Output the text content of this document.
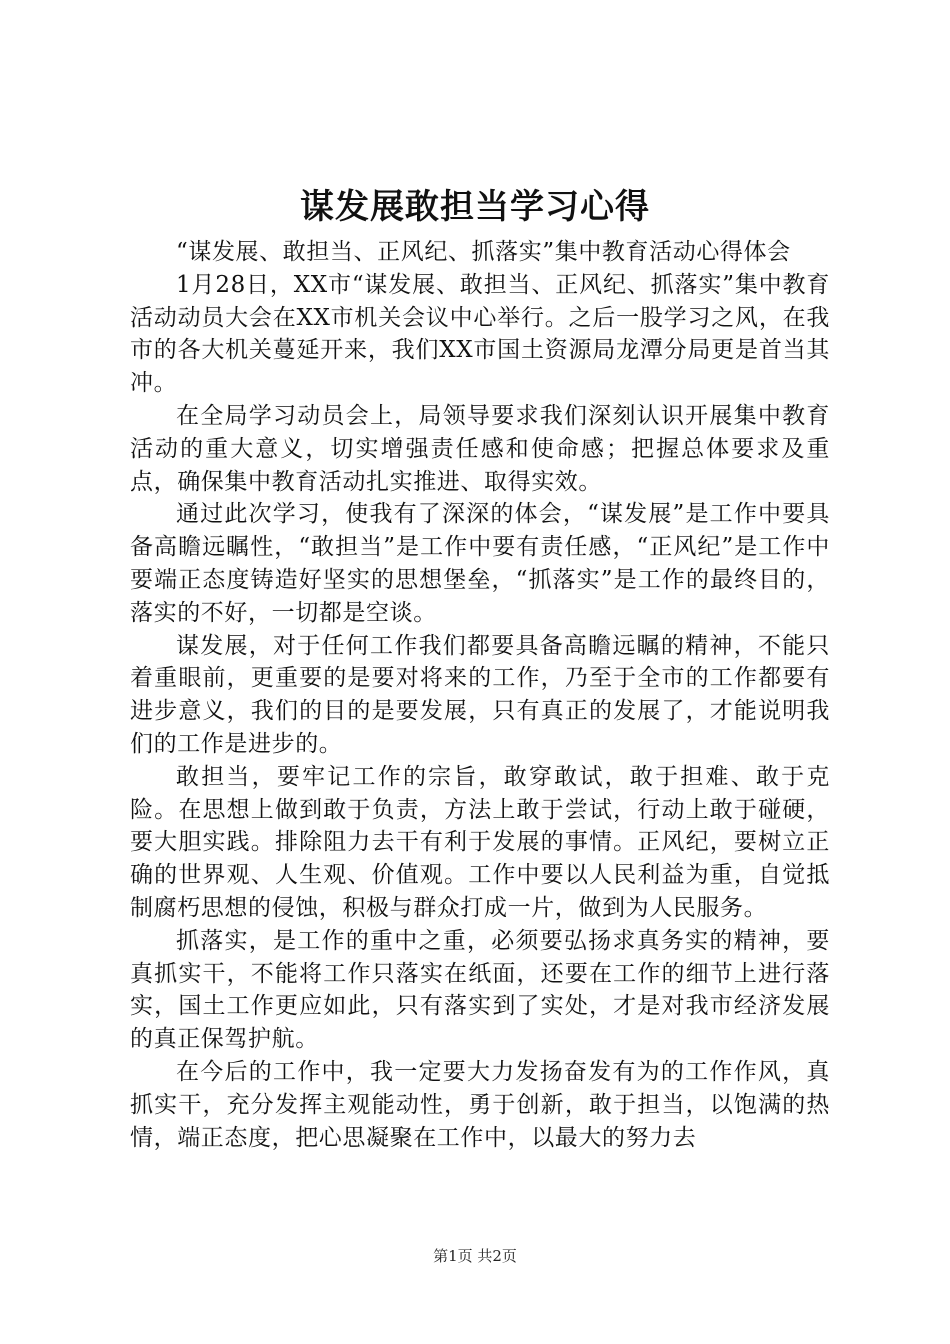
谋发展敢担当学习心得

“谋发展、敢担当、正风纪、抓落实”集中教育活动心得体会

1月28日，XX市“谋发展、敢担当、正风纪、抓落实”集中教育活动动员大会在XX市机关会议中心举行。之后一股学习之风，在我市的各大机关蔓延开来，我们XX市国土资源局龙潭分局更是首当其冲。

在全局学习动员会上，局领导要求我们深刻认识开展集中教育活动的重大意义，切实增强责任感和使命感；把握总体要求及重点，确保集中教育活动扎实推进、取得实效。

通过此次学习，使我有了深深的体会，“谋发展”是工作中要具备高瞻远瞩性，“敢担当”是工作中要有责任感，“正风纪”是工作中要端正态度铸造好坚实的思想堡垒，“抓落实”是工作的最终目的，落实的不好，一切都是空谈。

谋发展，对于任何工作我们都要具备高瞻远瞩的精神，不能只着重眼前，更重要的是要对将来的工作，乃至于全市的工作都要有进步意义，我们的目的是要发展，只有真正的发展了，才能说明我们的工作是进步的。

敢担当，要牢记工作的宗旨，敢穿敢试，敢于担难、敢于克险。在思想上做到敢于负责，方法上敢于尝试，行动上敢于碰硬，要大胆实践。排除阻力去干有利于发展的事情。正风纪，要树立正确的世界观、人生观、价值观。工作中要以人民利益为重，自觉抵制腐朽思想的侵蚀，积极与群众打成一片，做到为人民服务。

抓落实，是工作的重中之重，必须要弘扬求真务实的精神，要真抓实干，不能将工作只落实在纸面，还要在工作的细节上进行落实，国土工作更应如此，只有落实到了实处，才是对我市经济发展的真正保驾护航。

在今后的工作中，我一定要大力发扬奋发有为的工作作风，真抓实干，充分发挥主观能动性，勇于创新，敢于担当，以饱满的热情，端正态度，把心思凝聚在工作中，以最大的努力去

第1页 共2页
